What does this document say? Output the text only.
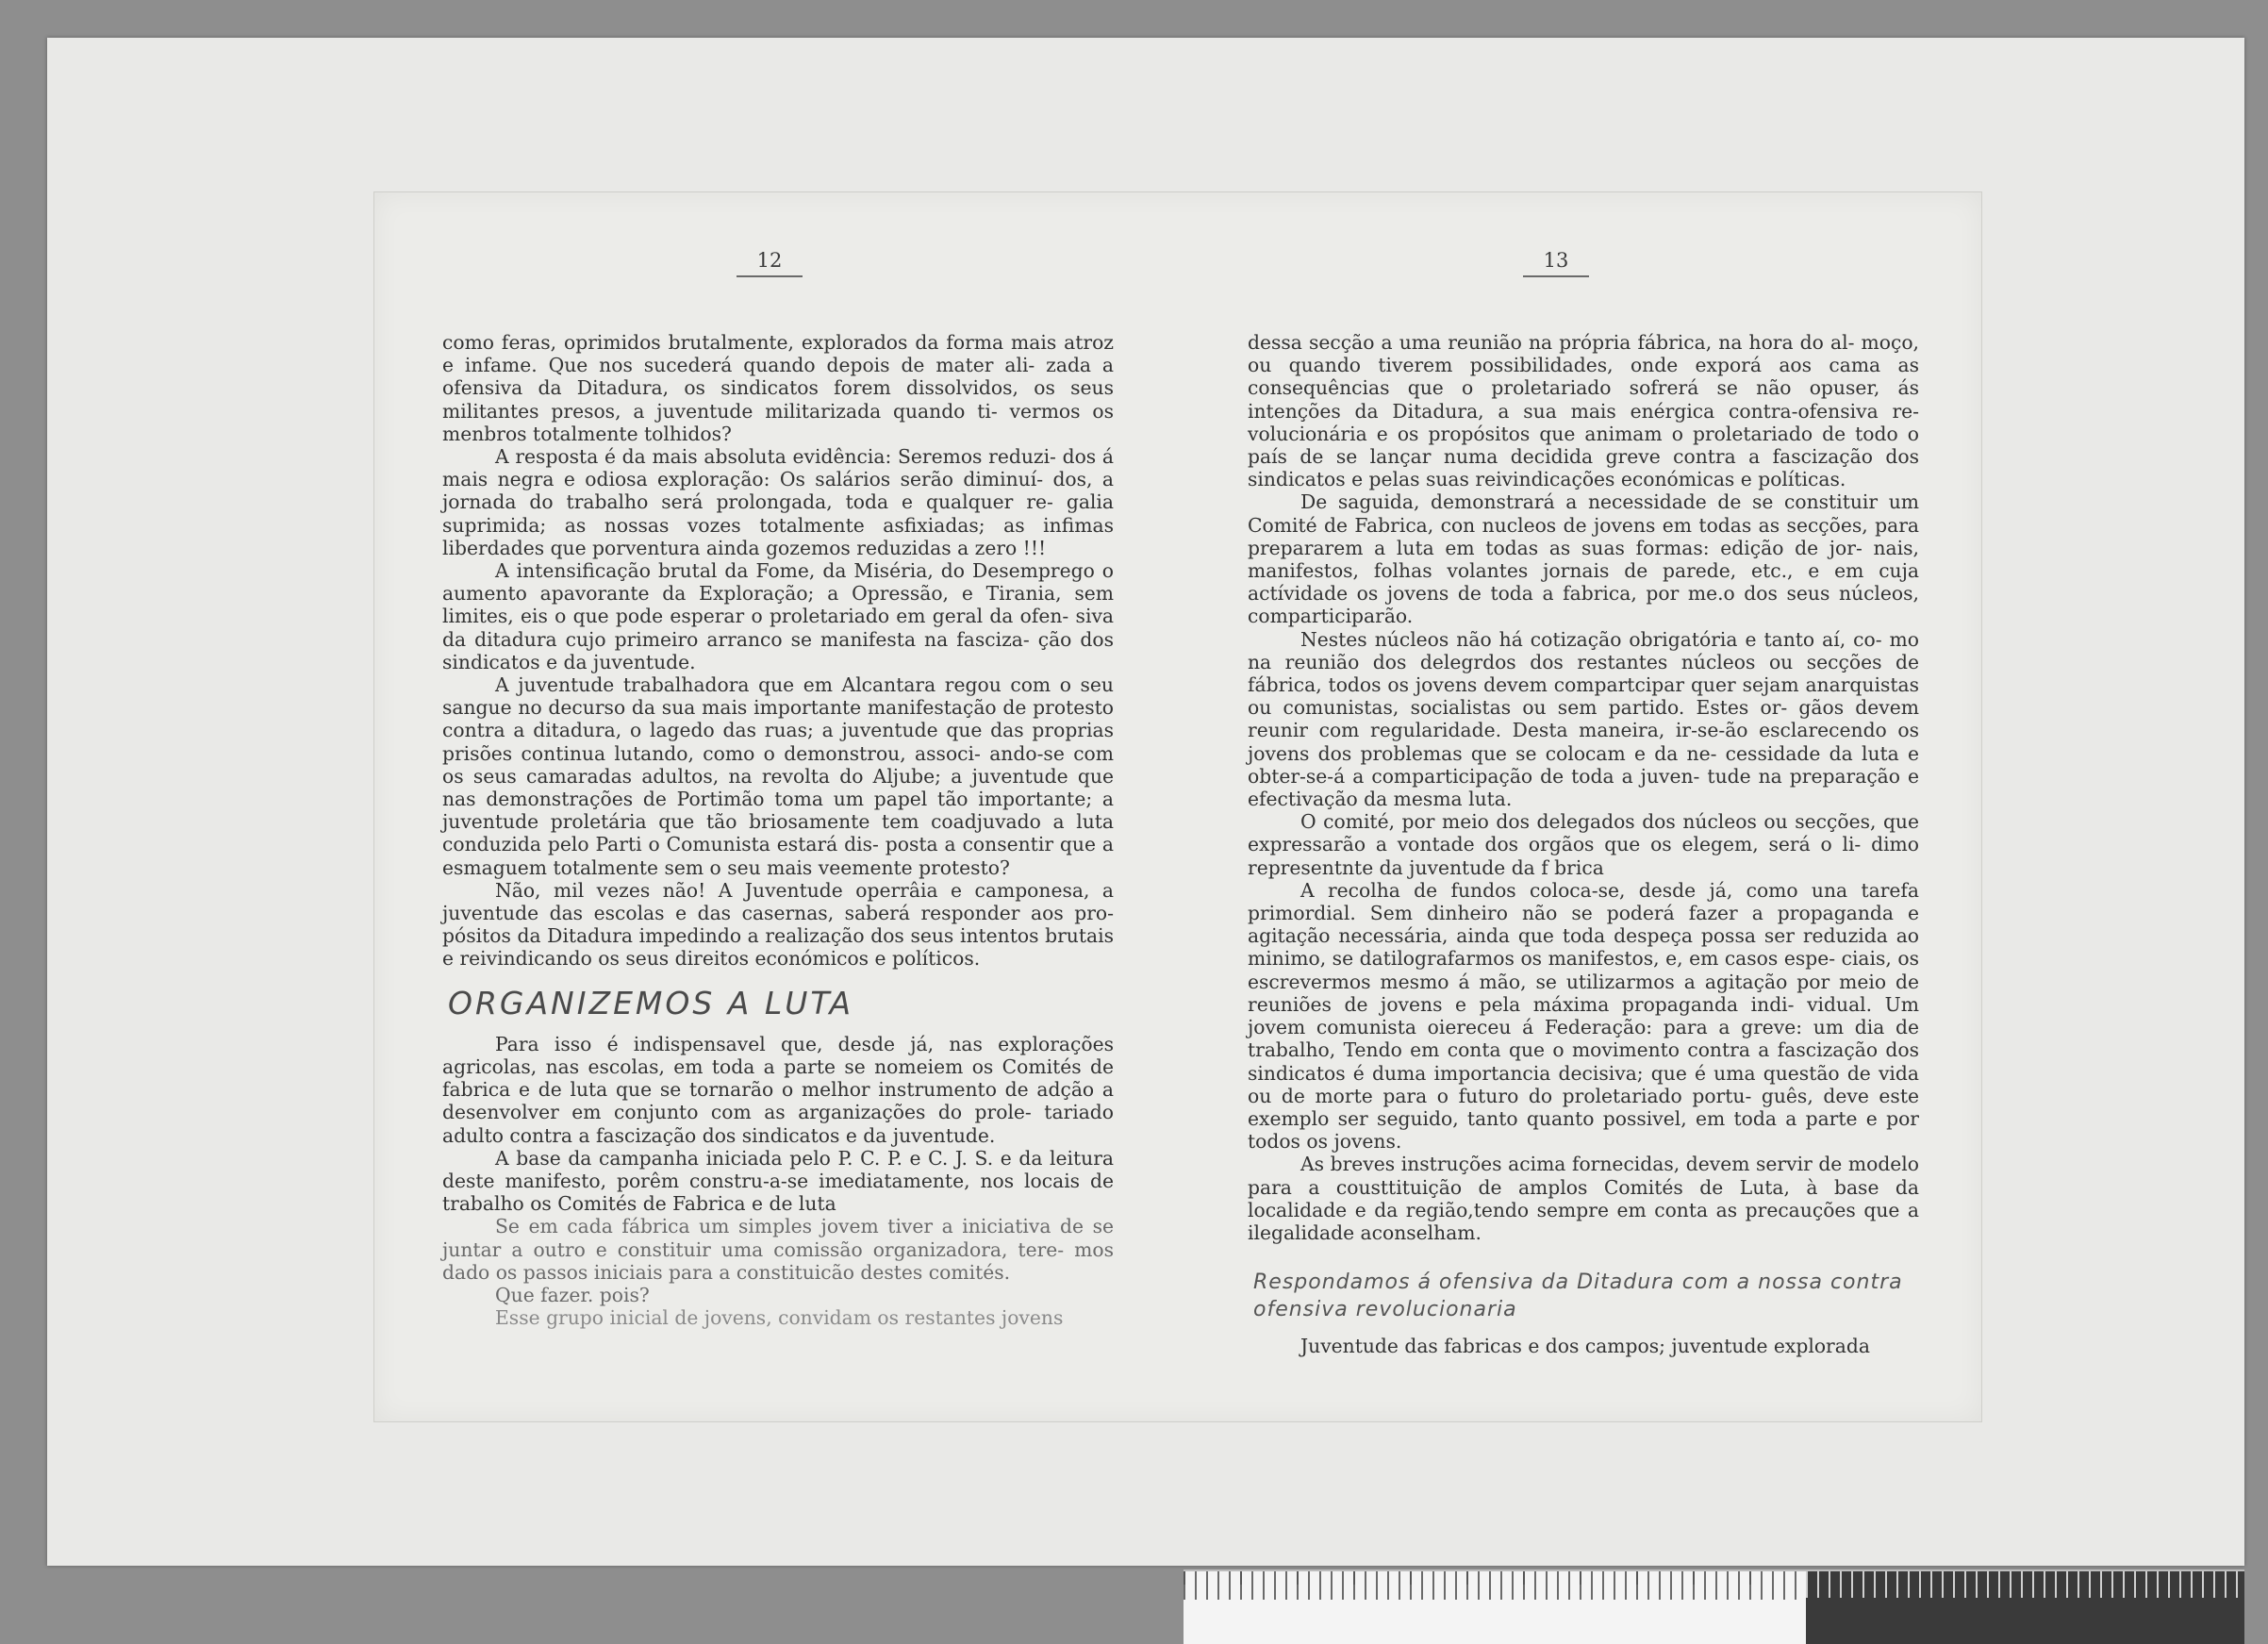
12	13

como feras, oprimidos brutalmente, explorados da forma mais atroz e infame. Que nos sucederá quando depois de mater ali- zada a ofensiva da Ditadura, os sindicatos forem dissolvidos, os seus militantes presos, a juventude militarizada quando ti- vermos os menbros totalmente tolhidos?

A resposta é da mais absoluta evidência: Seremos reduzi- dos á mais negra e odiosa exploração: Os salários serão diminuí- dos, a jornada do trabalho será prolongada, toda e qualquer re- galia suprimida; as nossas vozes totalmente asfixiadas; as infimas liberdades que porventura ainda gozemos reduzidas a zero !!!

A intensificação brutal da Fome, da Miséria, do Desemprego o aumento apavorante da Exploração; a Opressão, e Tirania, sem limites, eis o que pode esperar o proletariado em geral da ofen- siva da ditadura cujo primeiro arranco se manifesta na fasciza- ção dos sindicatos e da juventude.

A juventude trabalhadora que em Alcantara regou com o seu sangue no decurso da sua mais importante manifestação de protesto contra a ditadura, o lagedo das ruas; a juventude que das proprias prisões continua lutando, como o demonstrou, associ- ando-se com os seus camaradas adultos, na revolta do Aljube; a juventude que nas demonstrações de Portimão toma um papel tão importante; a juventude proletária que tão briosamente tem coadjuvado a luta conduzida pelo Parti o Comunista estará dis- posta a consentir que a esmaguem totalmente sem o seu mais veemente protesto?

Não, mil vezes não! A Juventude operrâia e camponesa, a juventude das escolas e das casernas, saberá responder aos pro- pósitos da Ditadura impedindo a realização dos seus intentos brutais e reivindicando os seus direitos económicos e políticos.

ORGANIZEMOS A LUTA

Para isso é indispensavel que, desde já, nas explorações agricolas, nas escolas, em toda a parte se nomeiem os Comités de fabrica e de luta que se tornarão o melhor instrumento de adção a desenvolver em conjunto com as arganizações do prole- tariado adulto contra a fascização dos sindicatos e da juventude.

A base da campanha iniciada pelo P. C. P. e C. J. S. e da leitura deste manifesto, porêm constru-a-se imediatamente, nos locais de trabalho os Comités de Fabrica e de luta

Se em cada fábrica um simples jovem tiver a iniciativa de se juntar a outro e constituir uma comissão organizadora, tere- mos dado os passos iniciais para a constituicão destes comités.

Que fazer. pois?

Esse grupo inicial de jovens, convidam os restantes jovens

dessa secção a uma reunião na própria fábrica, na hora do al- moço, ou quando tiverem possibilidades, onde exporá aos cama as consequências que o proletariado sofrerá se não opuser, ás intenções da Ditadura, a sua mais enérgica contra-ofensiva re- volucionária e os propósitos que animam o proletariado de todo o país de se lançar numa decidida greve contra a fascização dos sindicatos e pelas suas reivindicações económicas e políticas.

De saguida, demonstrará a necessidade de se constituir um Comité de Fabrica, con nucleos de jovens em todas as secções, para prepararem a luta em todas as suas formas: edição de jor- nais, manifestos, folhas volantes jornais de parede, etc., e em cuja actívidade os jovens de toda a fabrica, por me.o dos seus núcleos, comparticiparão.

Nestes núcleos não há cotização obrigatória e tanto aí, co- mo na reunião dos delegrdos dos restantes núcleos ou secções de fábrica, todos os jovens devem compartcipar quer sejam anarquistas ou comunistas, socialistas ou sem partido. Estes or- gãos devem reunir com regularidade. Desta maneira, ir-se-ão esclarecendo os jovens dos problemas que se colocam e da ne- cessidade da luta e obter-se-á a comparticipação de toda a juven- tude na preparação e efectivação da mesma luta.

O comité, por meio dos delegados dos núcleos ou secções, que expressarão a vontade dos orgãos que os elegem, será o li- dimo representnte da juventude da f brica

A recolha de fundos coloca-se, desde já, como una tarefa primordial. Sem dinheiro não se poderá fazer a propaganda e agitação necessária, ainda que toda despeça possa ser reduzida ao minimo, se datilografarmos os manifestos, e, em casos espe- ciais, os escrevermos mesmo á mão, se utilizarmos a agitação por meio de reuniões de jovens e pela máxima propaganda indi- vidual. Um jovem comunista oiereceu á Federação: para a greve: um dia de trabalho, Tendo em conta que o movimento contra a fascização dos sindicatos é duma importancia decisiva; que é uma questão de vida ou de morte para o futuro do proletariado portu- guês, deve este exemplo ser seguido, tanto quanto possivel, em toda a parte e por todos os jovens.

As breves instruções acima fornecidas, devem servir de modelo para a cousttituição de amplos Comités de Luta, à base da localidade e da região,tendo sempre em conta as precauções que a ilegalidade aconselham.

Respondamos á ofensiva da Ditadura com a nossa contra ofensiva revolucionaria

Juventude das fabricas e dos campos; juventude explorada
